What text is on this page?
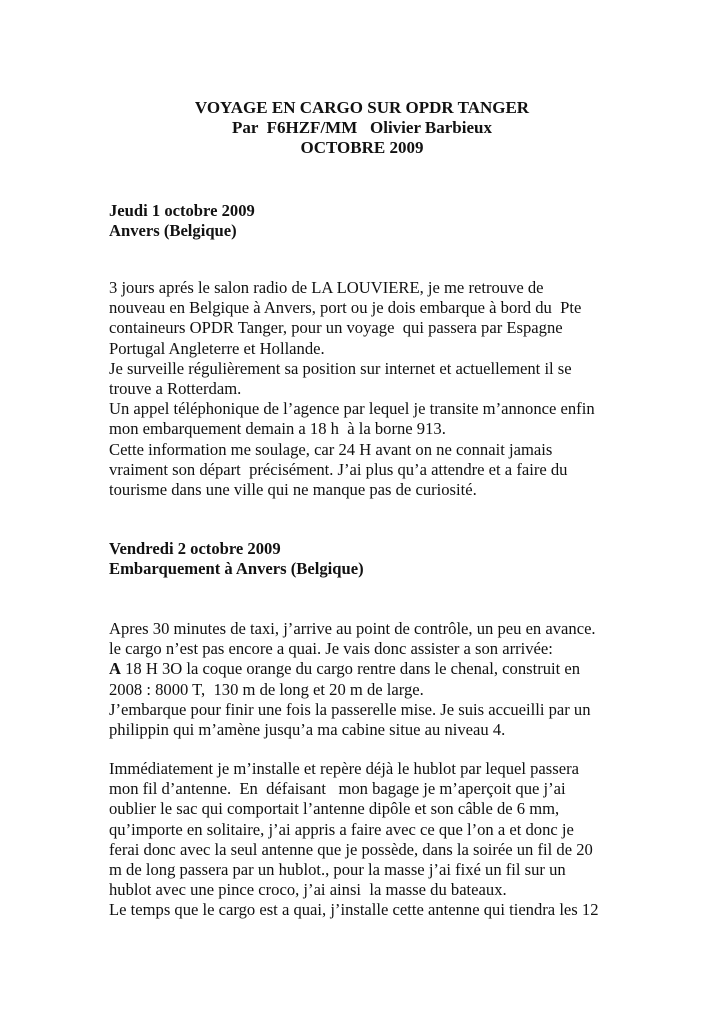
VOYAGE EN CARGO SUR OPDR TANGER
Par  F6HZF/MM   Olivier Barbieux
OCTOBRE 2009
Jeudi 1 octobre 2009
Anvers (Belgique)
3 jours aprés le salon radio de LA LOUVIERE, je me retrouve de
nouveau en Belgique à Anvers, port ou je dois embarque à bord du  Pte
containeurs OPDR Tanger, pour un voyage  qui passera par Espagne
Portugal Angleterre et Hollande.
Je surveille régulièrement sa position sur internet et actuellement il se
trouve a Rotterdam.
Un appel téléphonique de l’agence par lequel je transite m’annonce enfin
mon embarquement demain a 18 h  à la borne 913.
Cette information me soulage, car 24 H avant on ne connait jamais
vraiment son départ  précisément. J’ai plus qu’a attendre et a faire du
tourisme dans une ville qui ne manque pas de curiosité.
Vendredi 2 octobre 2009
Embarquement à Anvers (Belgique)
Apres 30 minutes de taxi, j’arrive au point de contrôle, un peu en avance.
le cargo n’est pas encore a quai. Je vais donc assister a son arrivée:
A 18 H 3O la coque orange du cargo rentre dans le chenal, construit en
2008 : 8000 T,  130 m de long et 20 m de large.
J’embarque pour finir une fois la passerelle mise. Je suis accueilli par un
philippin qui m’amène jusqu’a ma cabine situe au niveau 4.
Immédiatement je m’installe et repère déjà le hublot par lequel passera
mon fil d’antenne.  En  défaisant   mon bagage je m’aperçoit que j’ai
oublier le sac qui comportait l’antenne dipôle et son câble de 6 mm,
qu’importe en solitaire, j’ai appris a faire avec ce que l’on a et donc je
ferai donc avec la seul antenne que je possède, dans la soirée un fil de 20
m de long passera par un hublot., pour la masse j’ai fixé un fil sur un
hublot avec une pince croco, j’ai ainsi  la masse du bateaux.
Le temps que le cargo est a quai, j’installe cette antenne qui tiendra les 12
